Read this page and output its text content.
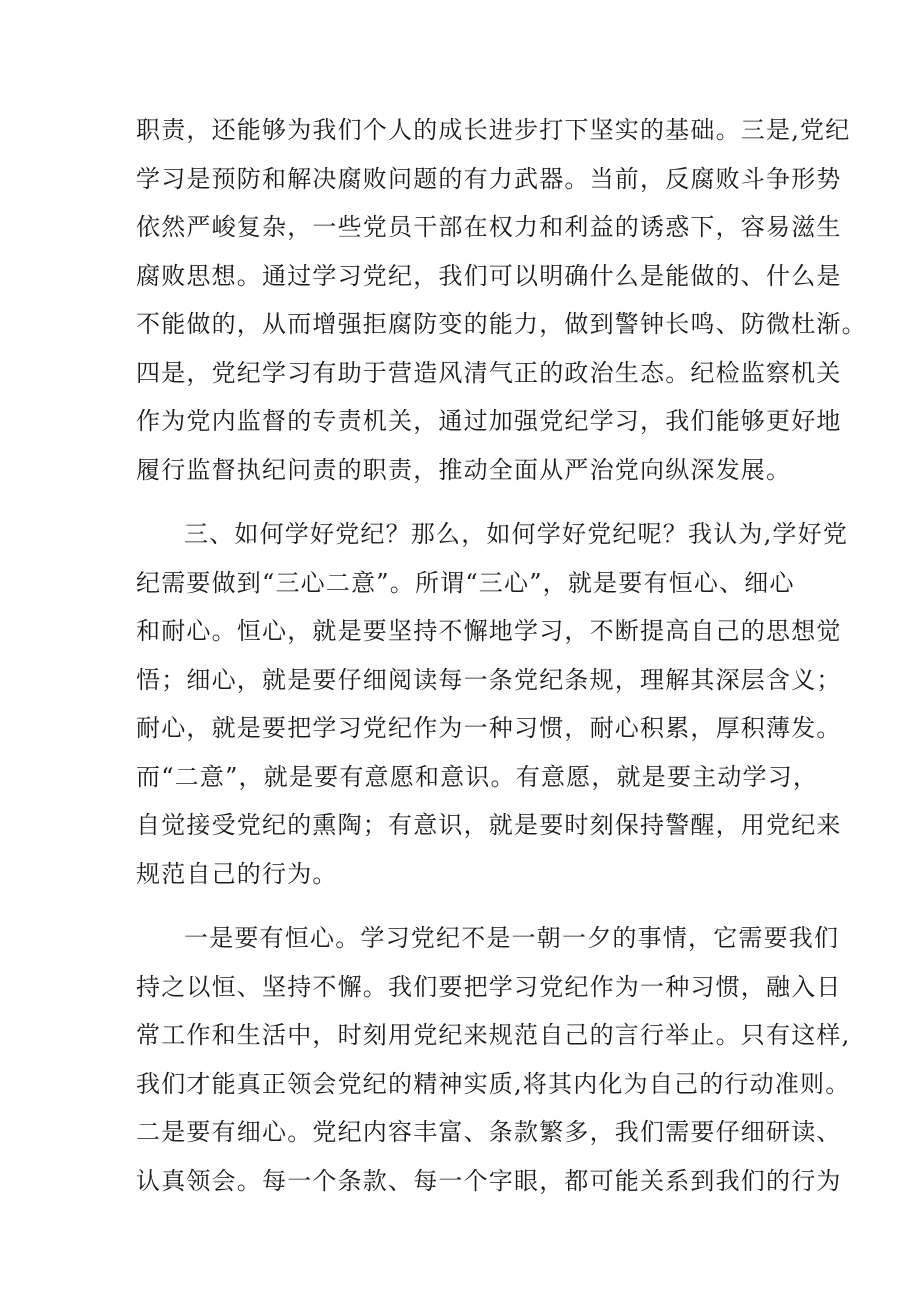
职责，还能够为我们个人的成长进步打下坚实的基础。三是,党纪
学习是预防和解决腐败问题的有力武器。当前，反腐败斗争形势
依然严峻复杂，一些党员干部在权力和利益的诱惑下，容易滋生
腐败思想。通过学习党纪，我们可以明确什么是能做的、什么是
不能做的，从而增强拒腐防变的能力，做到警钟长鸣、防微杜渐。
四是，党纪学习有助于营造风清气正的政治生态。纪检监察机关
作为党内监督的专责机关，通过加强党纪学习，我们能够更好地
履行监督执纪问责的职责，推动全面从严治党向纵深发展。
三、如何学好党纪？那么，如何学好党纪呢？我认为,学好党
纪需要做到“三心二意”。所谓“三心”，就是要有恒心、细心
和耐心。恒心，就是要坚持不懈地学习，不断提高自己的思想觉
悟；细心，就是要仔细阅读每一条党纪条规，理解其深层含义；
耐心，就是要把学习党纪作为一种习惯，耐心积累，厚积薄发。
而“二意”，就是要有意愿和意识。有意愿，就是要主动学习，
自觉接受党纪的熏陶；有意识，就是要时刻保持警醒，用党纪来
规范自己的行为。
一是要有恒心。学习党纪不是一朝一夕的事情，它需要我们
持之以恒、坚持不懈。我们要把学习党纪作为一种习惯，融入日
常工作和生活中，时刻用党纪来规范自己的言行举止。只有这样,
我们才能真正领会党纪的精神实质,将其内化为自己的行动准则。
二是要有细心。党纪内容丰富、条款繁多，我们需要仔细研读、
认真领会。每一个条款、每一个字眼，都可能关系到我们的行为
